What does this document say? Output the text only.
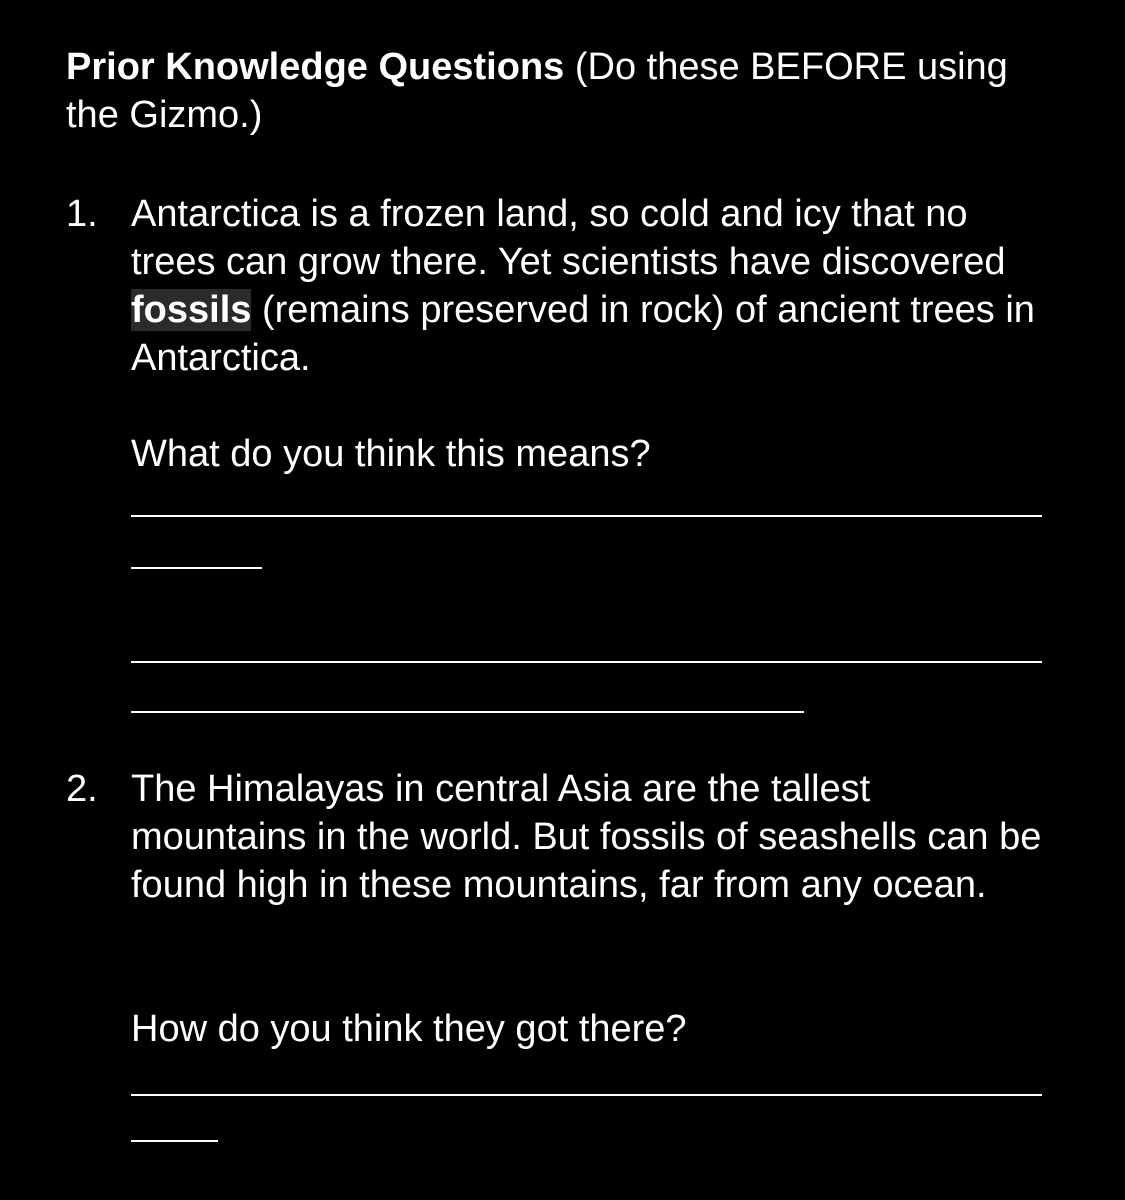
Prior Knowledge Questions (Do these BEFORE using the Gizmo.)
1. Antarctica is a frozen land, so cold and icy that no trees can grow there. Yet scientists have discovered fossils (remains preserved in rock) of ancient trees in Antarctica.
What do you think this means?
2. The Himalayas in central Asia are the tallest mountains in the world. But fossils of seashells can be found high in these mountains, far from any ocean.
How do you think they got there?
